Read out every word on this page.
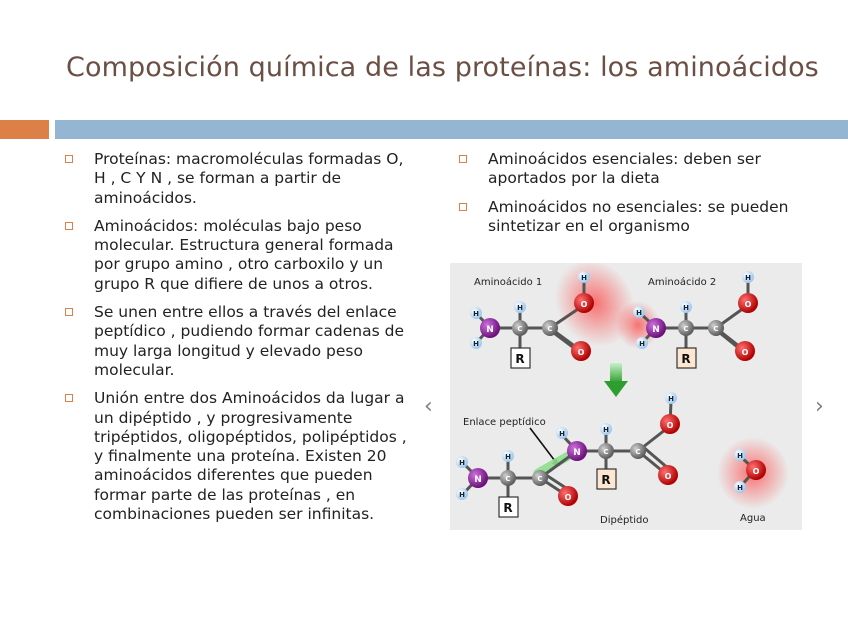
Composición química de las proteínas: los aminoácidos
Proteínas: macromoléculas formadas O, H , C Y N , se forman a partir de aminoácidos.
Aminoácidos: moléculas bajo peso molecular. Estructura general formada por grupo amino , otro carboxilo y un grupo R que difiere de unos a otros.
Se unen entre ellos a través del enlace peptídico , pudiendo formar cadenas de muy larga longitud y elevado peso molecular.
Unión entre dos Aminoácidos da lugar a un dipéptido , y progresivamente tripéptidos, oligopéptidos, polipéptidos , y finalmente una proteína. Existen 20 aminoácidos diferentes que pueden formar parte de las proteínas , en combinaciones pueden ser infinitas.
Aminoácidos esenciales: deben ser aportados por la dieta
Aminoácidos no esenciales: se pueden sintetizar en el organismo
‹	›
Aminoácido 1	Aminoácido 2
Enlace peptídico
Dipéptido	Agua
H
H
N
H
C	C
O
O
H
R
H
H
N
H
C	C
O
O
H
R
H
H
N
H
C	C
O
R
H
N
H
C	C
O
O
H
R
H
H
O
